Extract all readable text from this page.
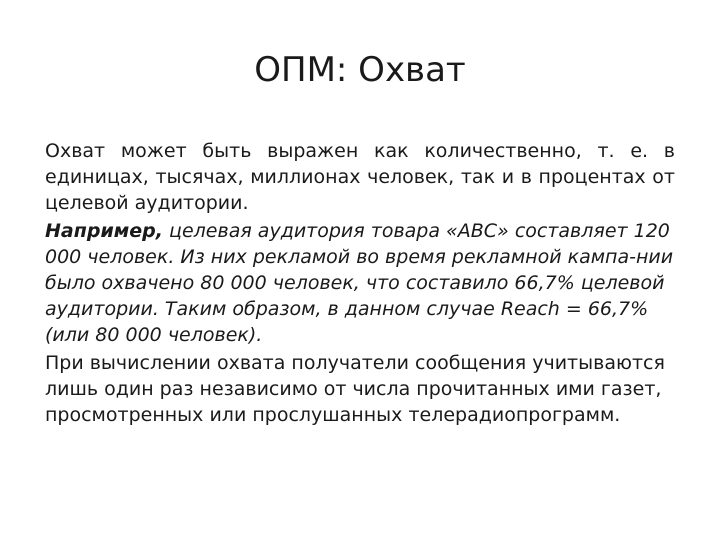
ОПМ: Охват

Охват может быть выражен как количественно, т. е. в единицах, тысячах, миллионах человек, так и в процентах от целевой аудитории.

Например, целевая аудитория товара «ABC» составляет 120 000 человек. Из них рекламой во время рекламной кампа-нии было охвачено 80 000 человек, что составило 66,7% целевой аудитории. Таким образом, в данном случае Reach = 66,7% (или 80 000 человек).

При вычислении охвата получатели сообщения учитываются лишь один раз независимо от числа прочитанных ими газет, просмотренных или прослушанных телерадиопрограмм.
